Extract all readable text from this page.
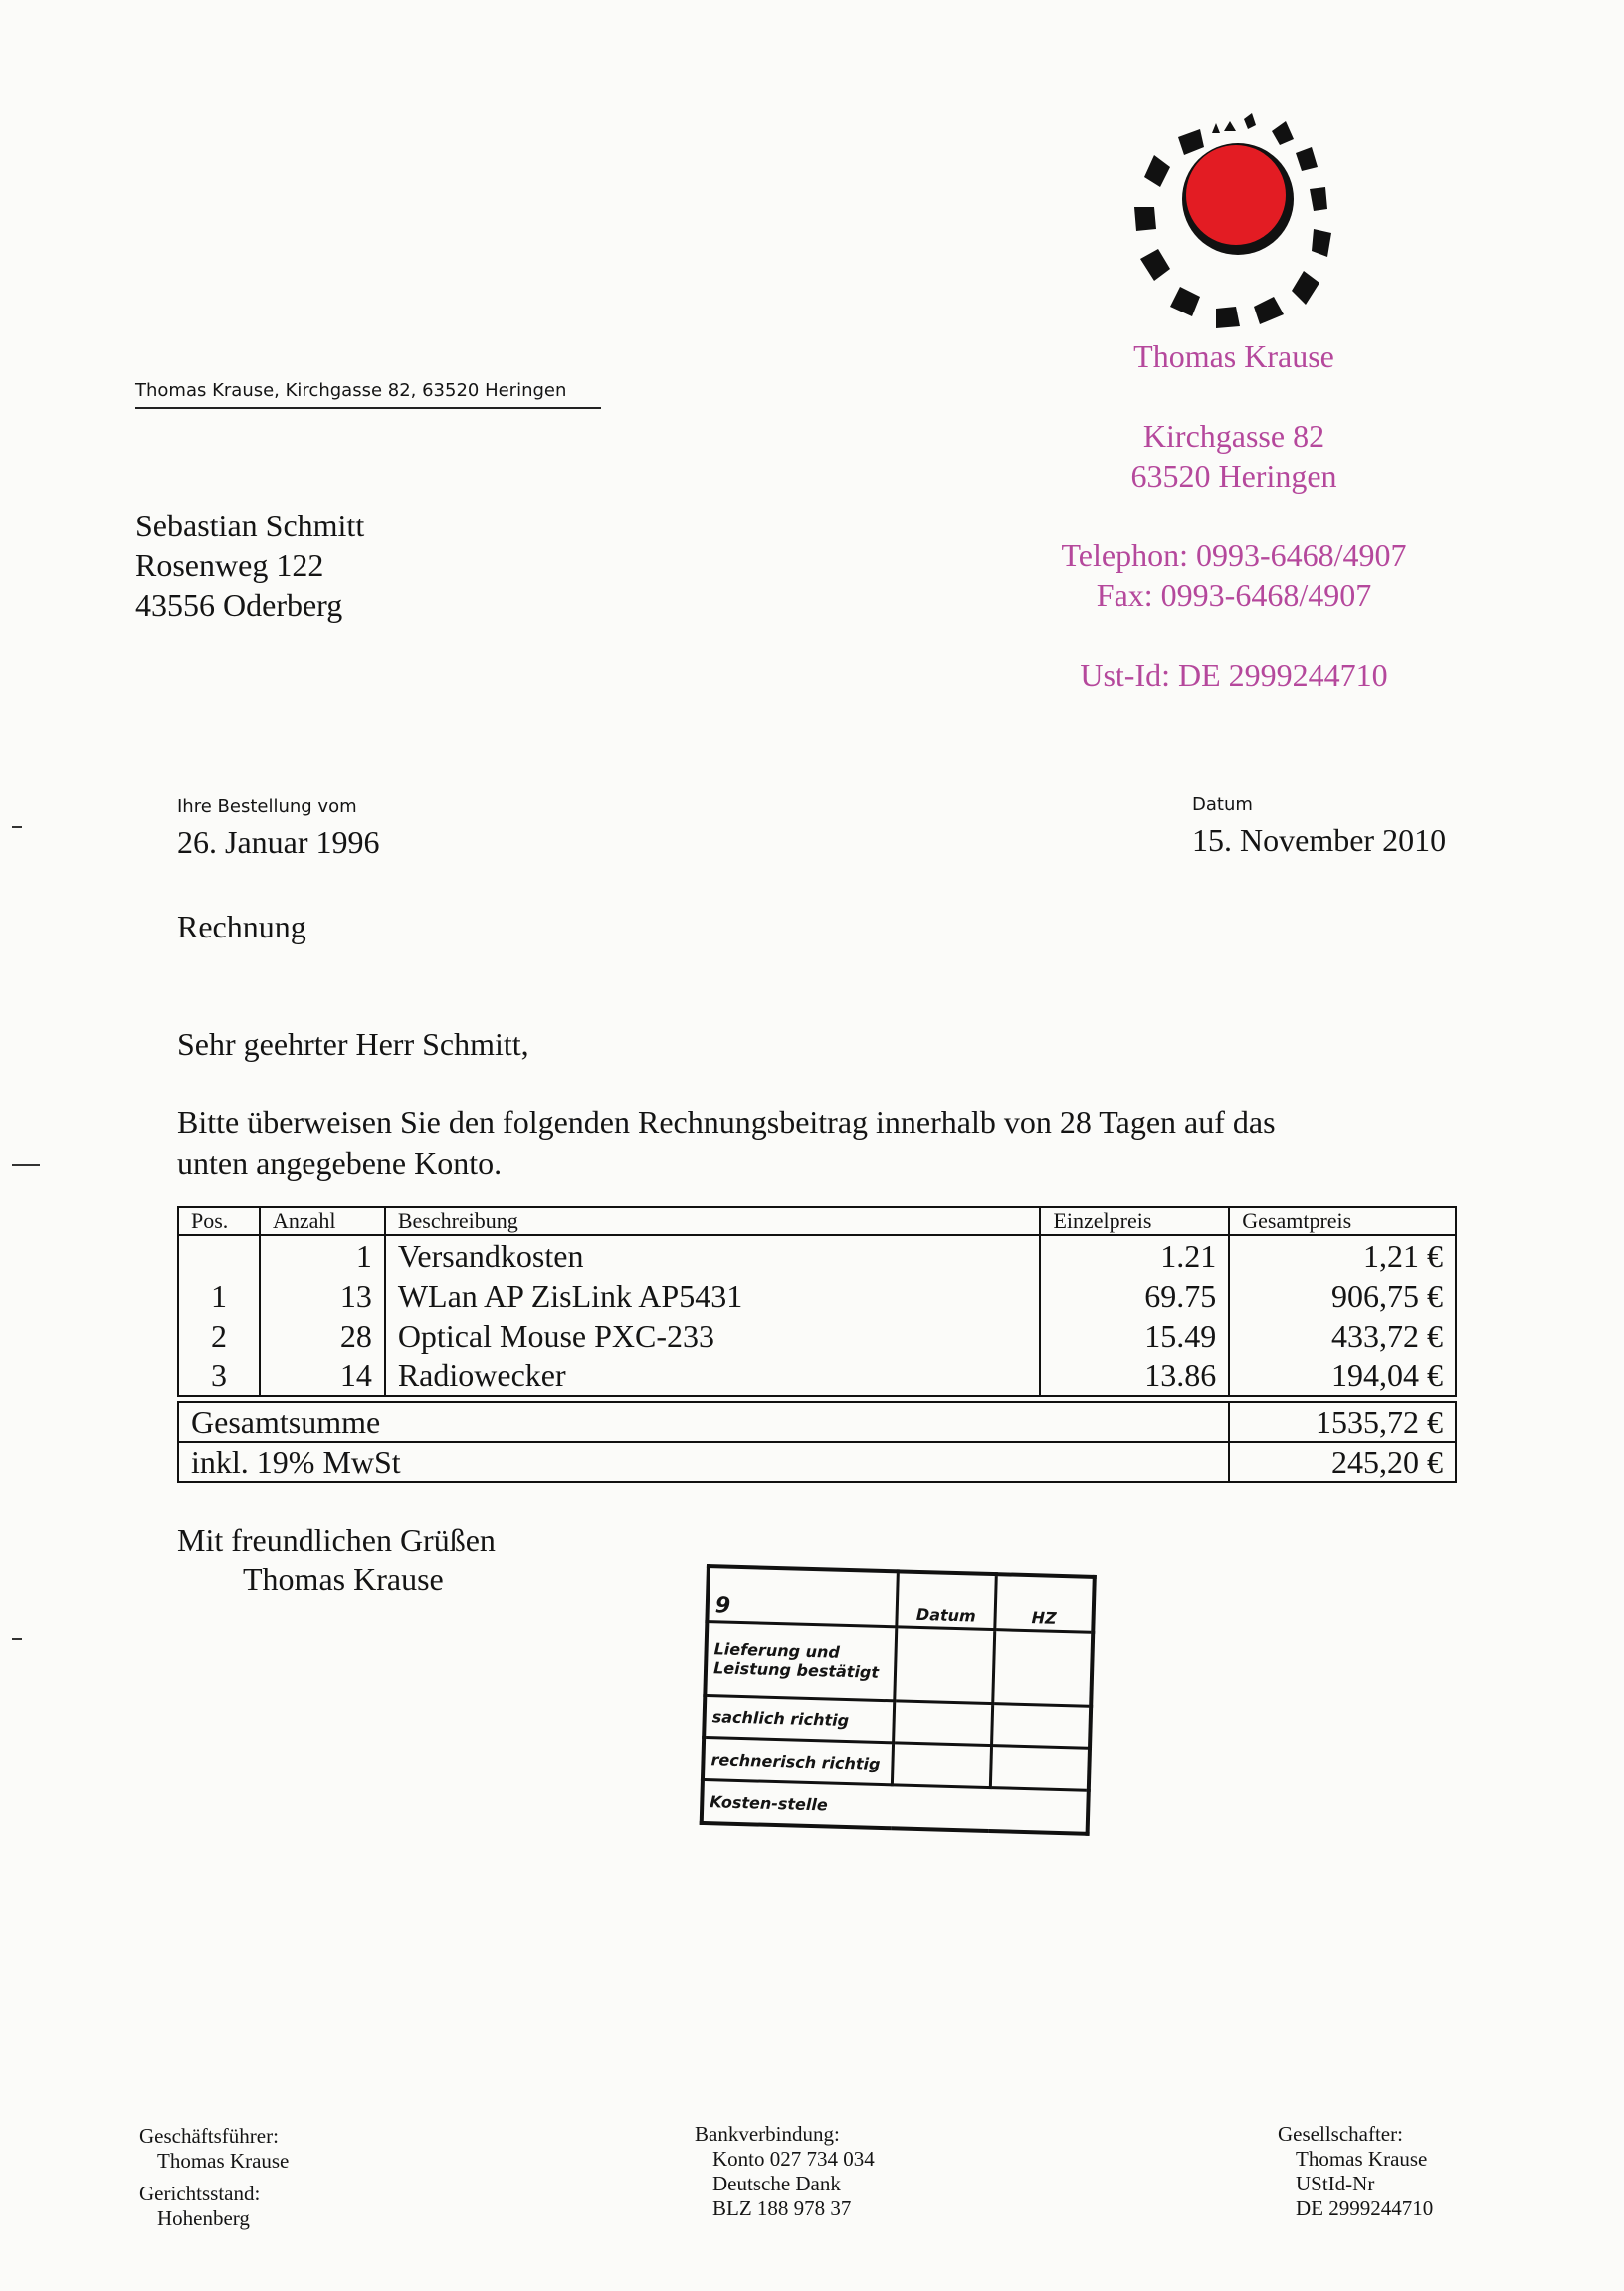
Thomas Krause
Kirchgasse 82
63520 Heringen
Telephon: 0993-6468/4907
Fax: 0993-6468/4907
Ust-Id: DE 2999244710
Thomas Krause, Kirchgasse 82, 63520 Heringen
Sebastian Schmitt
Rosenweg 122
43556 Oderberg
Ihre Bestellung vom
26. Januar 1996
Datum
15. November 2010
Rechnung
Sehr geehrter Herr Schmitt,
Bitte überweisen Sie den folgenden Rechnungsbeitrag innerhalb von 28 Tagen auf das
unten angegebene Konto.
Pos.	Anzahl	Beschreibung	Einzelpreis	Gesamtpreis
	1	Versandkosten	1.21	1,21 €
1	13	WLan AP ZisLink AP5431	69.75	906,75 €
2	28	Optical Mouse PXC-233	15.49	433,72 €
3	14	Radiowecker	13.86	194,04 €
Gesamtsumme	1535,72 €
inkl. 19% MwSt	245,20 €
Mit freundlichen Grüßen
Thomas Krause
9	Datum	HZ
Lieferung und Leistung bestätigt		
sachlich richtig		
rechnerisch richtig		
Kosten-stelle		
Geschäftsführer:
Thomas Krause
Gerichtsstand:
Hohenberg
Bankverbindung:
Konto 027 734 034
Deutsche Dank
BLZ 188 978 37
Gesellschafter:
Thomas Krause
UStId-Nr
DE 2999244710
